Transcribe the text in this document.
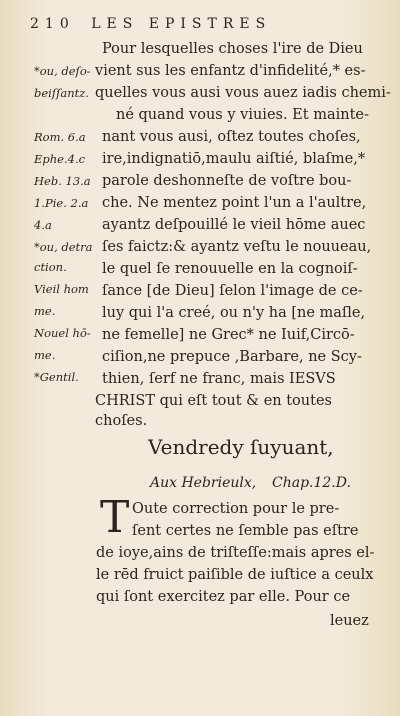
210 LES EPISTRES
Pour lesquelles choses l'ire de Dieu
vient sus les enfantz d'infidelité,* es-
quelles vous ausi vous auez iadis chemi-
né quand vous y viuies. Et mainte-
nant vous ausi, oſtez toutes choſes,
ire,indignatiō,maulu aiſtié, blaſme,*
parole deshonneſte de voſtre bou-
che. Ne mentez point l'un a l'aultre,
ayantz deſpouillé le vieil hōme auec
ſes faictz:& ayantz veſtu le nouueau,
le quel ſe renouuelle en la cognoiſ-
ſance [de Dieu] ſelon l'image de ce-
luy qui l'a creé, ou n'y ha [ne maſle,
ne femelle] ne Grec* ne Iuif,Circō-
ciſion,ne prepuce ,Barbare, ne Scy-
thien, ſerf ne franc, mais IESVS
CHRIST qui eſt tout & en toutes
choſes.
*ou, deſo-
beiſſantz.
Rom. 6.a
Ephe.4.c
Heb. 13.a
1.Pie. 2.a
4.a
*ou, detra
ction.
Vieil hom
me.
Nouel hō-
me.
*Gentil.
Vendredy ſuyuant,
Aux Hebrieulx, Chap.12.D.
T Oute correction pour le pre-
ſent certes ne ſemble pas eſtre
de ioye,ains de triſteſſe:mais apres el-
le rēd fruict paiſible de iuſtice a ceulx
qui ſont exercitez par elle. Pour ce
leuez
